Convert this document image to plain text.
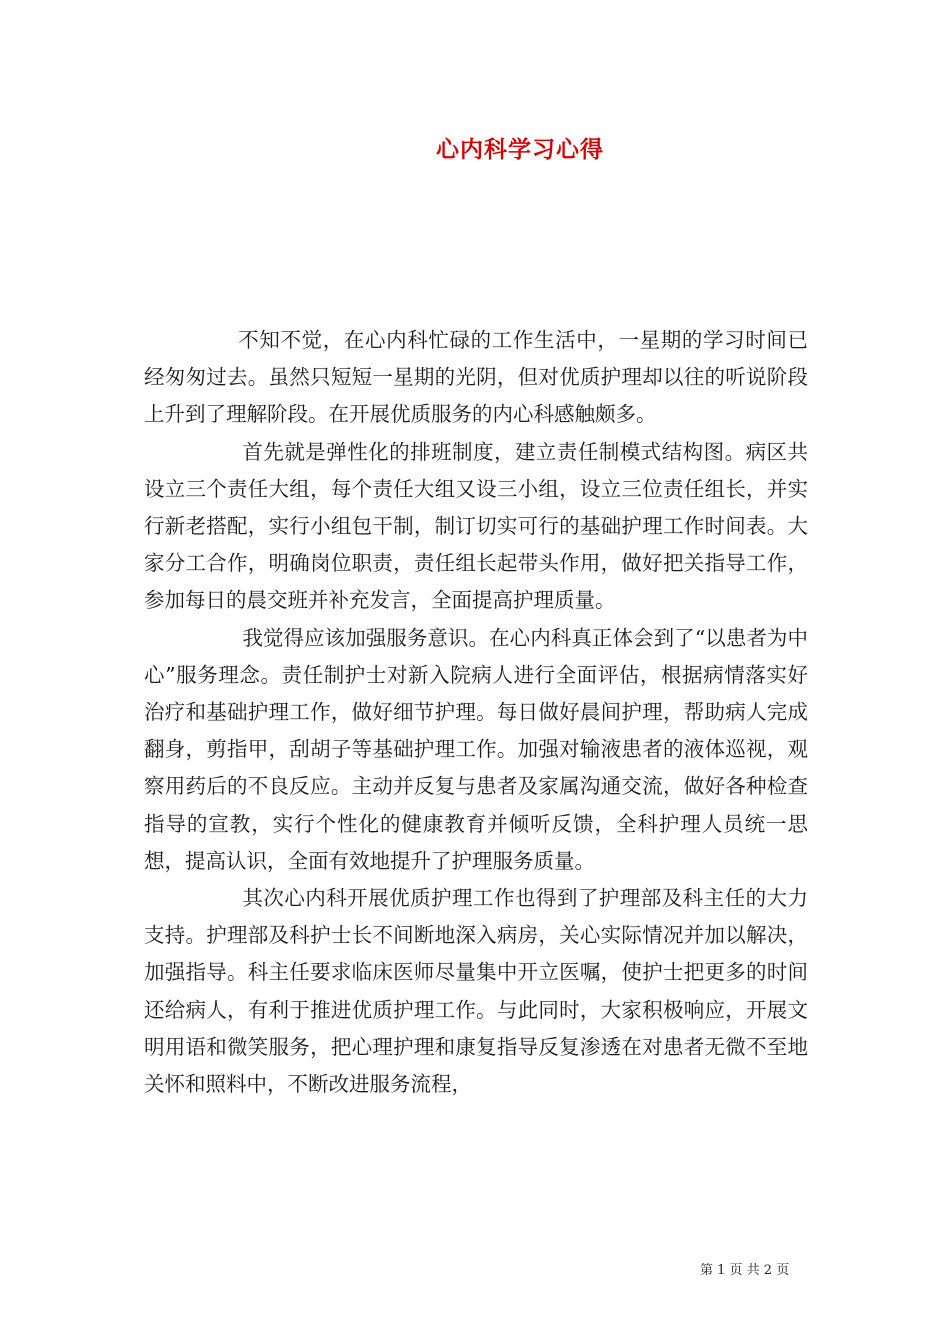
心内科学习心得

不知不觉，在心内科忙碌的工作生活中，一星期的学习时间已经匆匆过去。虽然只短短一星期的光阴，但对优质护理却以往的听说阶段上升到了理解阶段。在开展优质服务的内心科感触颇多。

首先就是弹性化的排班制度，建立责任制模式结构图。病区共设立三个责任大组，每个责任大组又设三小组，设立三位责任组长，并实行新老搭配，实行小组包干制，制订切实可行的基础护理工作时间表。大家分工合作，明确岗位职责，责任组长起带头作用，做好把关指导工作，参加每日的晨交班并补充发言，全面提高护理质量。

我觉得应该加强服务意识。在心内科真正体会到了“以患者为中心”服务理念。责任制护士对新入院病人进行全面评估，根据病情落实好治疗和基础护理工作，做好细节护理。每日做好晨间护理，帮助病人完成翻身，剪指甲，刮胡子等基础护理工作。加强对输液患者的液体巡视，观察用药后的不良反应。主动并反复与患者及家属沟通交流，做好各种检查指导的宣教，实行个性化的健康教育并倾听反馈，全科护理人员统一思想，提高认识，全面有效地提升了护理服务质量。

其次心内科开展优质护理工作也得到了护理部及科主任的大力支持。护理部及科护士长不间断地深入病房，关心实际情况并加以解决，加强指导。科主任要求临床医师尽量集中开立医嘱，使护士把更多的时间还给病人，有利于推进优质护理工作。与此同时，大家积极响应，开展文明用语和微笑服务，把心理护理和康复指导反复渗透在对患者无微不至地关怀和照料中，不断改进服务流程，

第 1 页 共 2 页
